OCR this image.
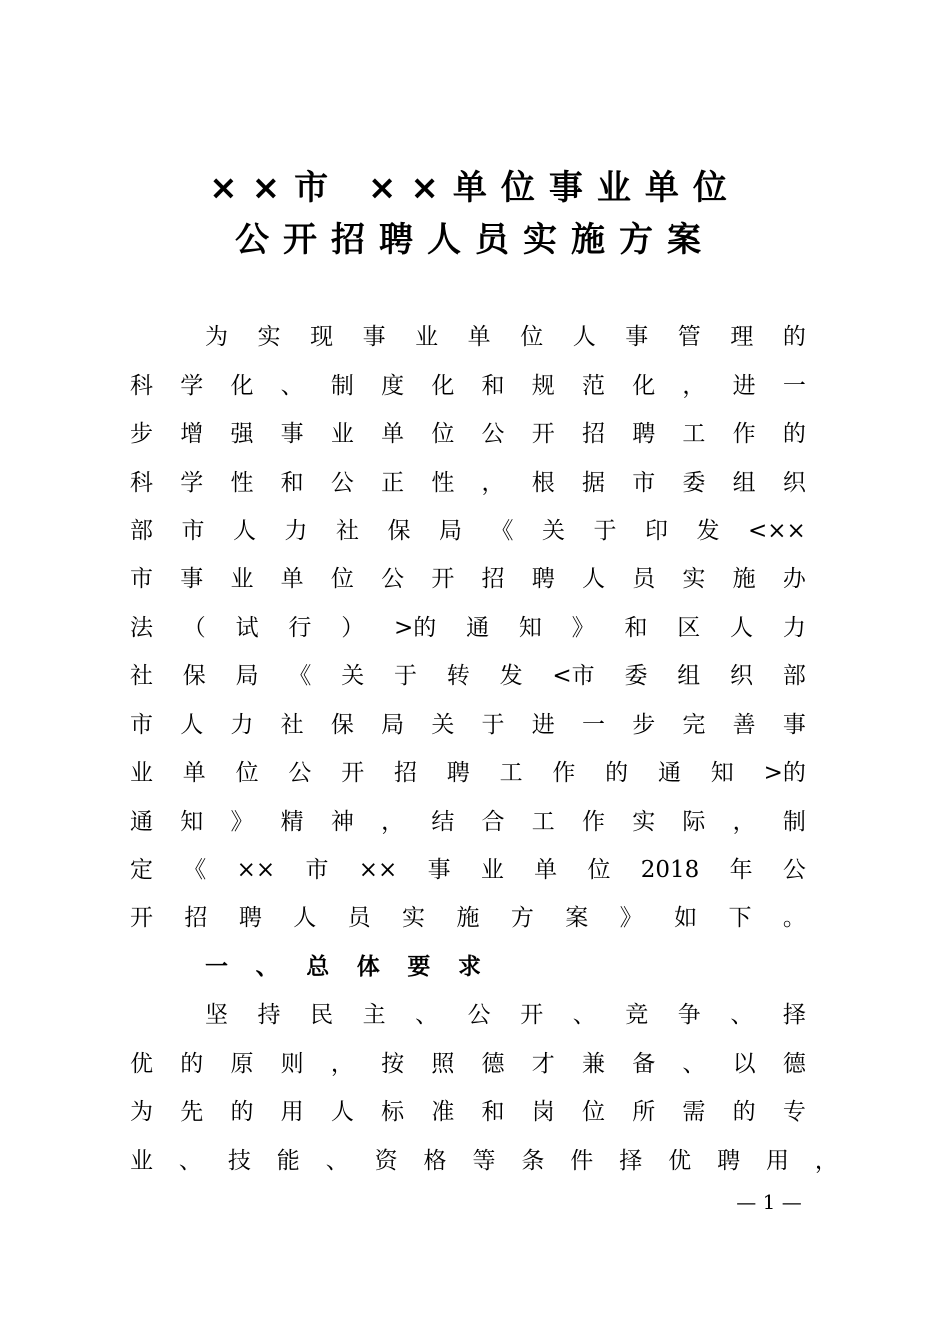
××市 ××单位事业单位
公开招聘人员实施方案
为 实 现 事 业 单 位 人 事 管 理 的
科 学 化 、 制 度 化 和 规 范 化 ， 进 一
步 增 强 事 业 单 位 公 开 招 聘 工 作 的
科 学 性 和 公 正 性 ， 根 据 市 委 组 织
部 市 人 力 社 保 局 《 关 于 印 发 <××
市 事 业 单 位 公 开 招 聘 人 员 实 施 办
法 （ 试 行 ） >的 通 知 》 和 区 人 力
社 保 局 《 关 于 转 发 <市 委 组 织 部
市 人 力 社 保 局 关 于 进 一 步 完 善 事
业 单 位 公 开 招 聘 工 作 的 通 知 >的
通 知 》 精 神 ， 结 合 工 作 实 际 ， 制
定 《 ×× 市 ×× 事 业 单 位 2018 年 公
开 招 聘 人 员 实 施 方 案 》 如 下 。
一 、 总 体 要 求
坚 持 民 主 、 公 开 、 竞 争 、 择
优 的 原 则 ， 按 照 德 才 兼 备 、 以 德
为 先 的 用 人 标 准 和 岗 位 所 需 的 专
业 、 技 能 、 资 格 等 条 件 择 优 聘 用 ，
— 1 —
